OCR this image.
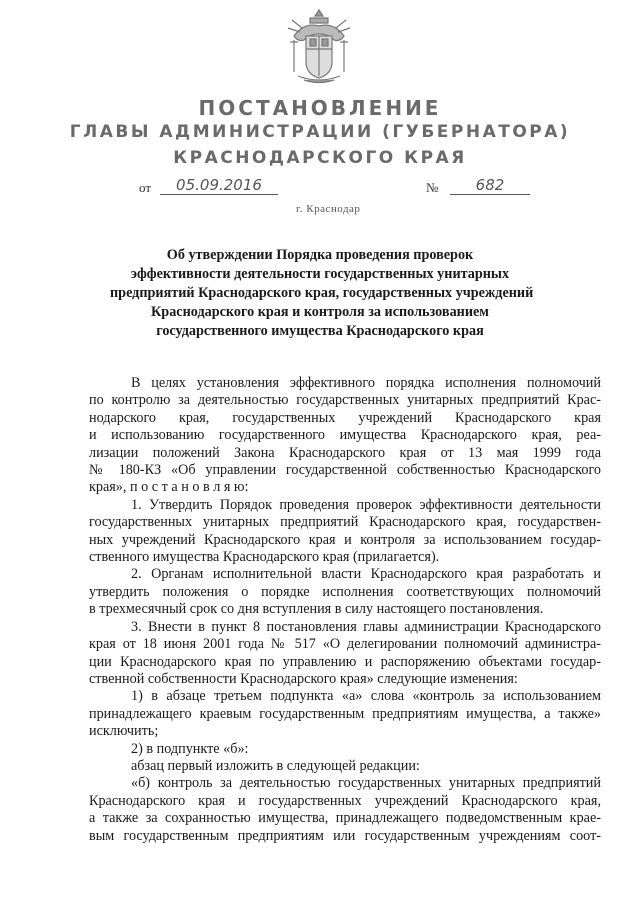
ПОСТАНОВЛЕНИЕ
ГЛАВЫ АДМИНИСТРАЦИИ (ГУБЕРНАТОРА)
КРАСНОДАРСКОГО КРАЯ
от	05.09.2016	№	682
г. Краснодар
Об утверждении Порядка проведения проверок
эффективности деятельности государственных унитарных
предприятий Краснодарского края, государственных учреждений
Краснодарского края и контроля за использованием
государственного имущества Краснодарского края

В целях установления эффективного порядка исполнения полномочий

по контролю за деятельностью государственных унитарных предприятий Крас-

нодарского края, государственных учреждений Краснодарского края

и использованию государственного имущества Краснодарского края, реа-

лизации положений Закона Краснодарского края от 13 мая 1999 года

№ 180-КЗ «Об управлении государственной собственностью Краснодарского

края», п о с т а н о в л я ю:

1. Утвердить Порядок проведения проверок эффективности деятельности

государственных унитарных предприятий Краснодарского края, государствен-

ных учреждений Краснодарского края и контроля за использованием государ-

ственного имущества Краснодарского края (прилагается).

2. Органам исполнительной власти Краснодарского края разработать и

утвердить положения о порядке исполнения соответствующих полномочий

в трехмесячный срок со дня вступления в силу настоящего постановления.

3. Внести в пункт 8 постановления главы администрации Краснодарского

края от 18 июня 2001 года № 517 «О делегировании полномочий администра-

ции Краснодарского края по управлению и распоряжению объектами государ-

ственной собственности Краснодарского края» следующие изменения:

1) в абзаце третьем подпункта «а» слова «контроль за использованием

принадлежащего краевым государственным предприятиям имущества, а также»

исключить;

2) в подпункте «б»:

абзац первый изложить в следующей редакции:

«б) контроль за деятельностью государственных унитарных предприятий

Краснодарского края и государственных учреждений Краснодарского края,

а также за сохранностью имущества, принадлежащего подведомственным крае-

вым государственным предприятиям или государственным учреждениям соот-
